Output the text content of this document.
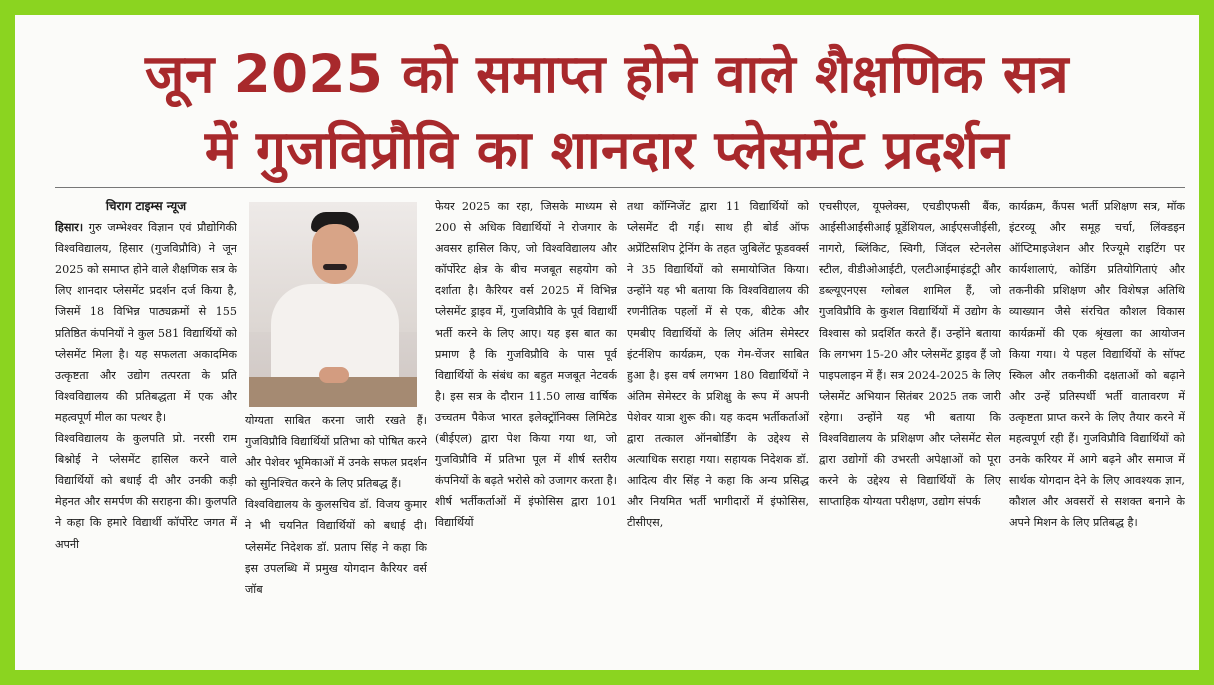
जून 2025 को समाप्त होने वाले शैक्षणिक सत्र
में गुजविप्रौवि का शानदार प्लेसमेंट प्रदर्शन

चिराग टाइम्स न्यूज

हिसार। गुरु जम्भेश्वर विज्ञान एवं प्रौद्योगिकी विश्वविद्यालय, हिसार (गुजविप्रौवि) ने जून 2025 को समाप्त होने वाले शैक्षणिक सत्र के लिए शानदार प्लेसमेंट प्रदर्शन दर्ज किया है, जिसमें 18 विभिन्न पाठ्यक्रमों से 155 प्रतिष्ठित कंपनियों ने कुल 581 विद्यार्थियों को प्लेसमेंट मिला है। यह सफलता अकादमिक उत्कृष्टता और उद्योग तत्परता के प्रति विश्वविद्यालय की प्रतिबद्धता में एक और महत्वपूर्ण मील का पत्थर है।

विश्वविद्यालय के कुलपति प्रो. नरसी राम बिश्नोई ने प्लेसमेंट हासिल करने वाले विद्यार्थियों को बधाई दी और उनकी कड़ी मेहनत और समर्पण की सराहना की। कुलपति ने कहा कि हमारे विद्यार्थी कॉर्पोरेट जगत में अपनी

योग्यता साबित करना जारी रखते हैं। गुजविप्रौवि विद्यार्थियों प्रतिभा को पोषित करने और पेशेवर भूमिकाओं में उनके सफल प्रदर्शन को सुनिश्चित करने के लिए प्रतिबद्ध हैं।

विश्वविद्यालय के कुलसचिव डॉ. विजय कुमार ने भी चयनित विद्यार्थियों को बधाई दी। प्लेसमेंट निदेशक डॉ. प्रताप सिंह ने कहा कि इस उपलब्धि में प्रमुख योगदान कैरियर वर्स जॉब

फेयर 2025 का रहा, जिसके माध्यम से 200 से अधिक विद्यार्थियों ने रोजगार के अवसर हासिल किए, जो विश्वविद्यालय और कॉर्पोरेट क्षेत्र के बीच मजबूत सहयोग को दर्शाता है। कैरियर वर्स 2025 में विभिन्न प्लेसमेंट ड्राइव में, गुजविप्रौवि के पूर्व विद्यार्थी भर्ती करने के लिए आए। यह इस बात का प्रमाण है कि गुजविप्रौवि के पास पूर्व विद्यार्थियों के संबंध का बहुत मजबूत नेटवर्क है। इस सत्र के दौरान 11.50 लाख वार्षिक उच्चतम पैकेज भारत इलेक्ट्रॉनिक्स लिमिटेड (बीईएल) द्वारा पेश किया गया था, जो गुजविप्रौवि में प्रतिभा पूल में शीर्ष स्तरीय कंपनियों के बढ़ते भरोसे को उजागर करता है। शीर्ष भर्तीकर्ताओं में इंफोसिस द्वारा 101 विद्यार्थियों

तथा कॉग्निजेंट द्वारा 11 विद्यार्थियों को प्लेसमेंट दी गई। साथ ही बोर्ड ऑफ अप्रेंटिसशिप ट्रेनिंग के तहत जुबिलेंट फूडवर्क्स ने 35 विद्यार्थियों को समायोजित किया। उन्होंने यह भी बताया कि विश्वविद्यालय की रणनीतिक पहलों में से एक, बीटेक और एमबीए विद्यार्थियों के लिए अंतिम सेमेस्टर इंटर्नशिप कार्यक्रम, एक गेम-चेंजर साबित हुआ है। इस वर्ष लगभग 180 विद्यार्थियों ने अंतिम सेमेस्टर के प्रशिक्षु के रूप में अपनी पेशेवर यात्रा शुरू की। यह कदम भर्तीकर्ताओं द्वारा तत्काल ऑनबोर्डिंग के उद्देश्य से अत्याधिक सराहा गया। सहायक निदेशक डॉ. आदित्य वीर सिंह ने कहा कि अन्य प्रसिद्ध और नियमित भर्ती भागीदारों में इंफोसिस, टीसीएस,

एचसीएल, यूफ्लेक्स, एचडीएफसी बैंक, आईसीआईसीआई प्रूडेंशियल, आईएसजीईसी, नागरो, ब्लिंकिट, स्विगी, जिंदल स्टेनलेस स्टील, वीडीओआईटी, एलटीआईमाइंडट्री और डब्ल्यूएनएस ग्लोबल शामिल हैं, जो गुजविप्रौवि के कुशल विद्यार्थियों में उद्योग के विश्वास को प्रदर्शित करते हैं। उन्होंने बताया कि लगभग 15-20 और प्लेसमेंट ड्राइव हैं जो पाइपलाइन में हैं। सत्र 2024-2025 के लिए प्लेसमेंट अभियान सितंबर 2025 तक जारी रहेगा। उन्होंने यह भी बताया कि विश्वविद्यालय के प्रशिक्षण और प्लेसमेंट सेल द्वारा उद्योगों की उभरती अपेक्षाओं को पूरा करने के उद्देश्य से विद्यार्थियों के लिए साप्ताहिक योग्यता परीक्षण, उद्योग संपर्क

कार्यक्रम, कैंपस भर्ती प्रशिक्षण सत्र, मॉक इंटरव्यू और समूह चर्चा, लिंक्डइन ऑप्टिमाइजेशन और रिज्यूमे राइटिंग पर कार्यशालाएं, कोडिंग प्रतियोगिताएं और तकनीकी प्रशिक्षण और विशेषज्ञ अतिथि व्याख्यान जैसे संरचित कौशल विकास कार्यक्रमों की एक श्रृंखला का आयोजन किया गया। ये पहल विद्यार्थियों के सॉफ्ट स्किल और तकनीकी दक्षताओं को बढ़ाने और उन्हें प्रतिस्पर्धी भर्ती वातावरण में उत्कृष्टता प्राप्त करने के लिए तैयार करने में महत्वपूर्ण रही हैं। गुजविप्रौवि विद्यार्थियों को उनके करियर में आगे बढ़ने और समाज में सार्थक योगदान देने के लिए आवश्यक ज्ञान, कौशल और अवसरों से सशक्त बनाने के अपने मिशन के लिए प्रतिबद्ध है।
